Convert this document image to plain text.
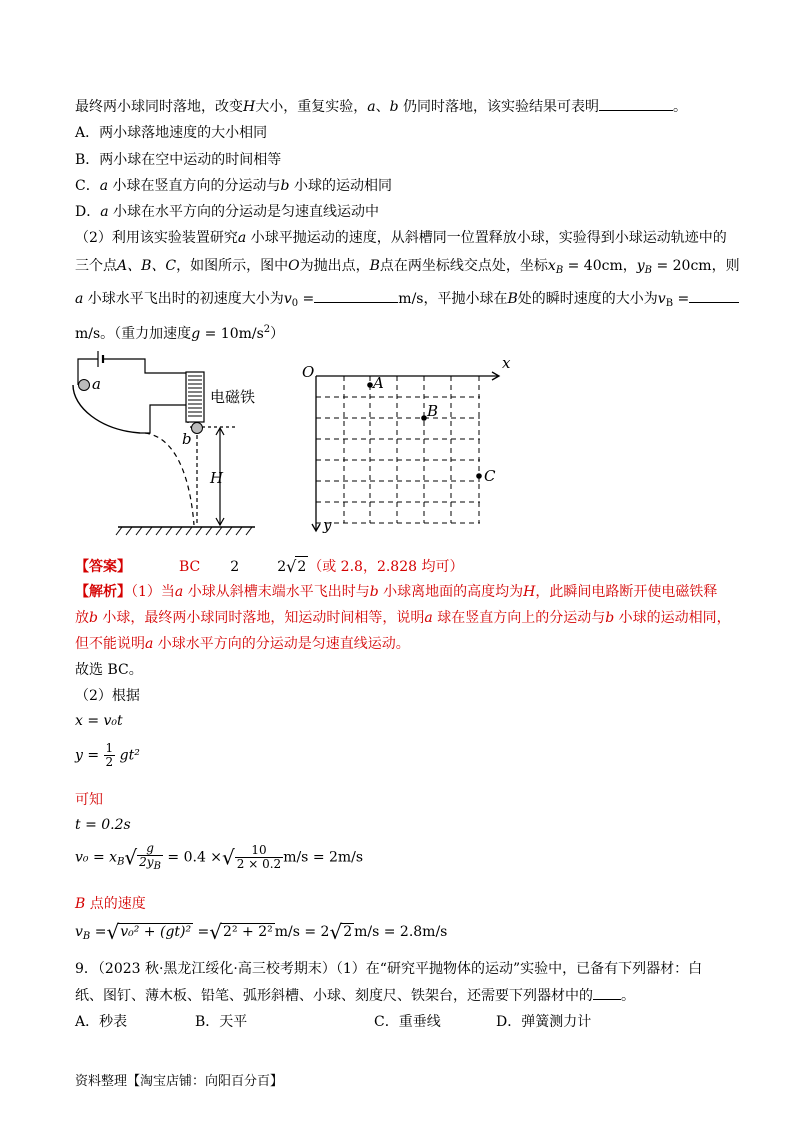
最终两小球同时落地，改变H大小，重复实验，a、b 仍同时落地，该实验结果可表明	。
A．两小球落地速度的大小相同
B．两小球在空中运动的时间相等
C．a 小球在竖直方向的分运动与b 小球的运动相同
D．a 小球在水平方向的分运动是匀速直线运动中
（2）利用该实验装置研究a 小球平抛运动的速度，从斜槽同一位置释放小球，实验得到小球运动轨迹中的
三个点A、B、C，如图所示，图中O为抛出点，B点在两坐标线交点处，坐标$x_B = 40cm$，$y_B = 20cm$，则
a 小球水平飞出时的初速度大小为$v_0$ =	m/s，平抛小球在B处的瞬时速度的大小为$v_B$ =
m/s。（重力加速度$g = 10m/s^2$）
a
b
H
电磁铁
O	x
y
A
B
C
【答案】	BC 2	2√2 （或 2.8，2.828 均可）
【解析】（1）当a 小球从斜槽末端水平飞出时与b 小球离地面的高度均为H，此瞬间电路断开使电磁铁释
放b 小球，最终两小球同时落地，知运动时间相等，说明a 球在竖直方向上的分运动与b 小球的运动相同，
但不能说明a 小球水平方向的分运动是匀速直线运动。
故选 BC。
（2）根据
x = v₀t
$y = \frac{1}{2} gt^2$
可知
t = 0.2s
$v_0 = x_B√ \frac{g}{2y_B} = 0.4$ ×√ $\frac{10}{2 \times 0.2} m/s = 2m/s$
B 点的速度
$v_B =√v_0^2 + (gt)^2 =√2^2 + 2^2$ m/s = 2√2 m/s = 2.8m/s
9．（2023 秋·黑龙江绥化·高三校考期末）（1）在“研究平抛物体的运动”实验中，已备有下列器材：白
纸、图钉、薄木板、铅笔、弧形斜槽、小球、刻度尺、铁架台，还需要下列器材中的 。
A．秒表	B．天平	C．重垂线	D．弹簧测力计
资料整理【淘宝店铺：向阳百分百】
